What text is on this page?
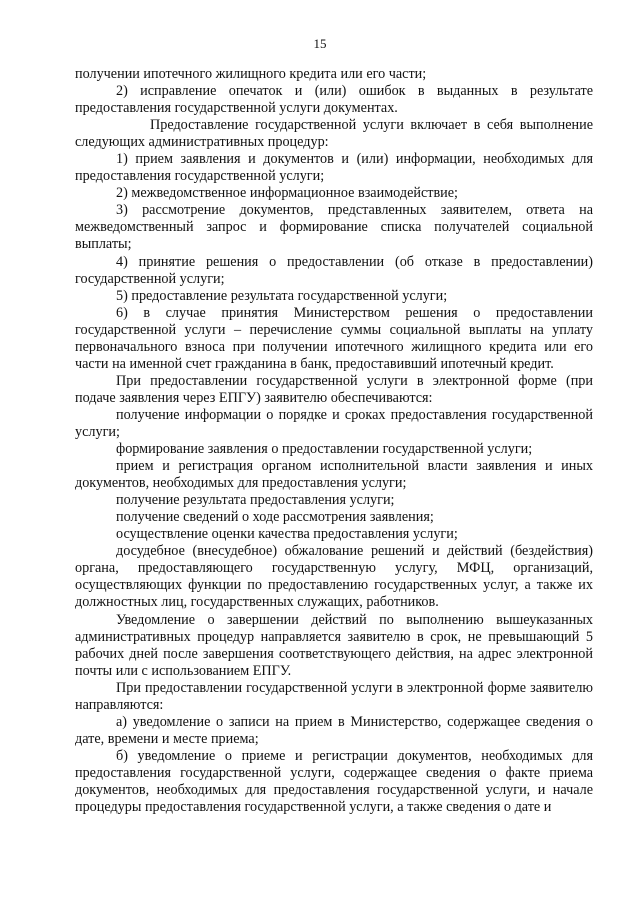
15

получении ипотечного жилищного кредита или его части;

2) исправление опечаток и (или) ошибок в выданных в результате предоставления государственной услуги документах.

Предоставление государственной услуги включает в себя выполнение следующих административных процедур:

1) прием заявления и документов и (или) информации, необходимых для предоставления государственной услуги;

2) межведомственное информационное взаимодействие;

3) рассмотрение документов, представленных заявителем, ответа на межведомственный запрос и формирование списка получателей социальной выплаты;

4) принятие решения о предоставлении (об отказе в предоставлении) государственной услуги;

5) предоставление результата государственной услуги;

6) в случае принятия Министерством решения о предоставлении государственной услуги – перечисление суммы социальной выплаты на уплату первоначального взноса при получении ипотечного жилищного кредита или его части на именной счет гражданина в банк, предоставивший ипотечный кредит.

При предоставлении государственной услуги в электронной форме (при подаче заявления через ЕПГУ) заявителю обеспечиваются:

получение информации о порядке и сроках предоставления государственной услуги;

формирование заявления о предоставлении государственной услуги;

прием и регистрация органом исполнительной власти заявления и иных документов, необходимых для предоставления услуги;

получение результата предоставления услуги;

получение сведений о ходе рассмотрения заявления;

осуществление оценки качества предоставления услуги;

досудебное (внесудебное) обжалование решений и действий (бездействия) органа, предоставляющего государственную услугу, МФЦ, организаций, осуществляющих функции по предоставлению государственных услуг, а также их должностных лиц, государственных служащих, работников.

Уведомление о завершении действий по выполнению вышеуказанных административных процедур направляется заявителю в срок, не превышающий 5 рабочих дней после завершения соответствующего действия, на адрес электронной почты или с использованием ЕПГУ.

При предоставлении государственной услуги в электронной форме заявителю направляются:

а) уведомление о записи на прием в Министерство, содержащее сведения о дате, времени и месте приема;

б) уведомление о приеме и регистрации документов, необходимых для предоставления государственной услуги, содержащее сведения о факте приема документов, необходимых для предоставления государственной услуги, и начале процедуры предоставления государственной услуги, а также сведения о дате и
